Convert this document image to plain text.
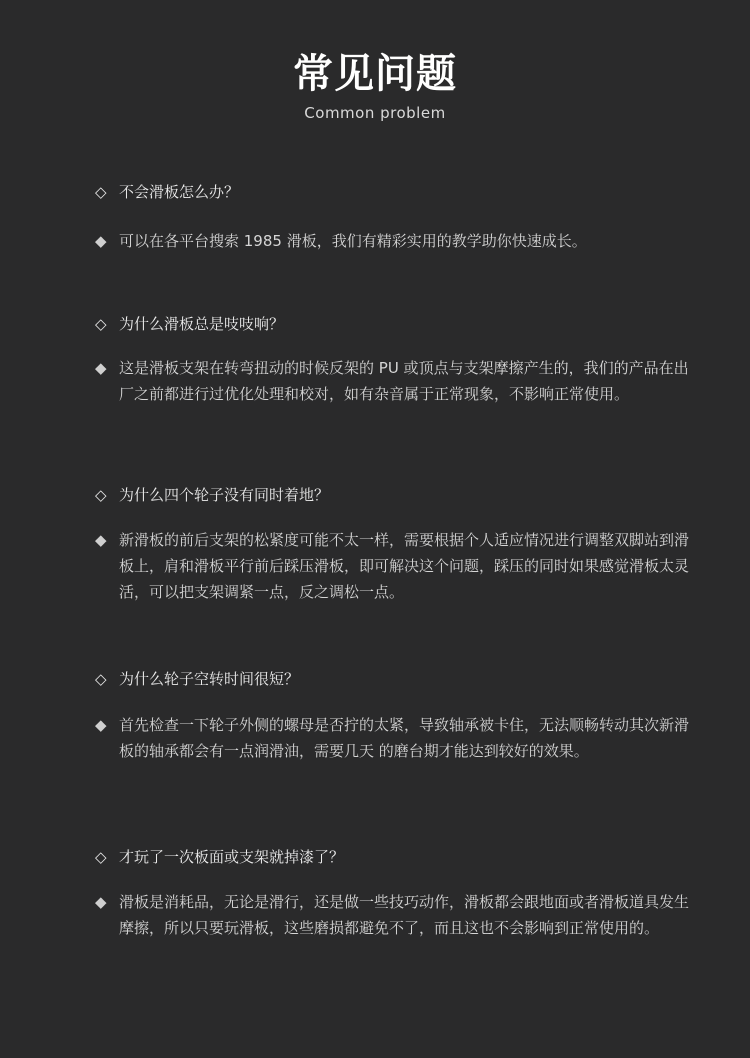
常见问题
Common problem
◇ 不会滑板怎么办？
◆ 可以在各平台搜索 1985 滑板，我们有精彩实用的教学助你快速成长。
◇ 为什么滑板总是吱吱响？
◆ 这是滑板支架在转弯扭动的时候反架的 PU 或顶点与支架摩擦产生的，我们的产品在出厂之前都进行过优化处理和校对，如有杂音属于正常现象，不影响正常使用。
◇ 为什么四个轮子没有同时着地？
◆ 新滑板的前后支架的松紧度可能不太一样，需要根据个人适应情况进行调整双脚站到滑板上，肩和滑板平行前后踩压滑板，即可解决这个问题，踩压的同时如果感觉滑板太灵活，可以把支架调紧一点，反之调松一点。
◇ 为什么轮子空转时间很短？
◆ 首先检查一下轮子外侧的螺母是否拧的太紧，导致轴承被卡住，无法顺畅转动其次新滑板的轴承都会有一点润滑油，需要几天 的磨台期才能达到较好的效果。
◇ 才玩了一次板面或支架就掉漆了？
◆ 滑板是消耗品，无论是滑行，还是做一些技巧动作，滑板都会跟地面或者滑板道具发生摩擦，所以只要玩滑板，这些磨损都避免不了，而且这也不会影响到正常使用的。
